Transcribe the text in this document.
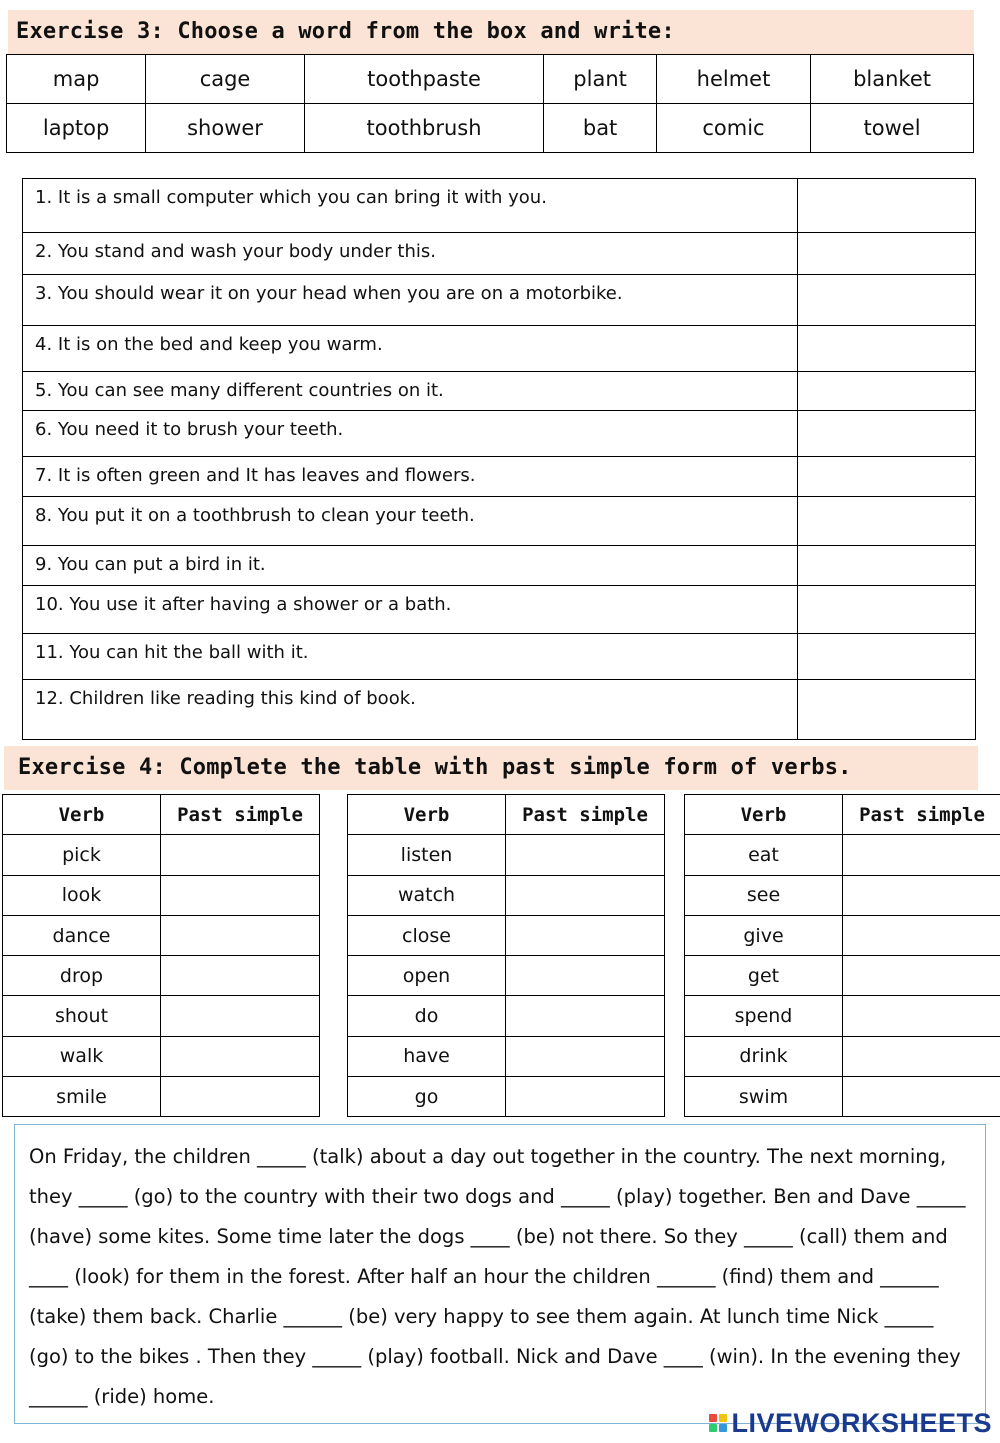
Exercise 3: Choose a word from the box and write:
map	cage	toothpaste	plant	helmet	blanket
laptop	shower	toothbrush	bat	comic	towel
1. It is a small computer which you can bring it with you.	
2. You stand and wash your body under this.	
3. You should wear it on your head when you are on a motorbike.	
4. It is on the bed and keep you warm.	
5. You can see many different countries on it.	
6. You need it to brush your teeth.	
7. It is often green and It has leaves and flowers.	
8. You put it on a toothbrush to clean your teeth.	
9. You can put a bird in it.	
10. You use it after having a shower or a bath.	
11. You can hit the ball with it.	
12. Children like reading this kind of book.	
Exercise 4: Complete the table with past simple form of verbs.
Verb	Past simple
pick	
look	
dance	
drop	
shout	
walk	
smile	
Verb	Past simple
listen	
watch	
close	
open	
do	
have	
go	
Verb	Past simple
eat	
see	
give	
get	
spend	
drink	
swim	

On Friday, the children _____ (talk) about a day out together in the country. The next morning, they _____ (go) to the country with their two dogs and _____ (play) together. Ben and Dave _____ (have) some kites. Some time later the dogs ____ (be) not there. So they _____ (call) them and ____ (look) for them in the forest. After half an hour the children ______ (find) them and ______ (take) them back. Charlie ______ (be) very happy to see them again. At lunch time Nick _____ (go) to the bikes . Then they _____ (play) football. Nick and Dave ____ (win). In the evening they ______ (ride) home.

LIVEWORKSHEETS
